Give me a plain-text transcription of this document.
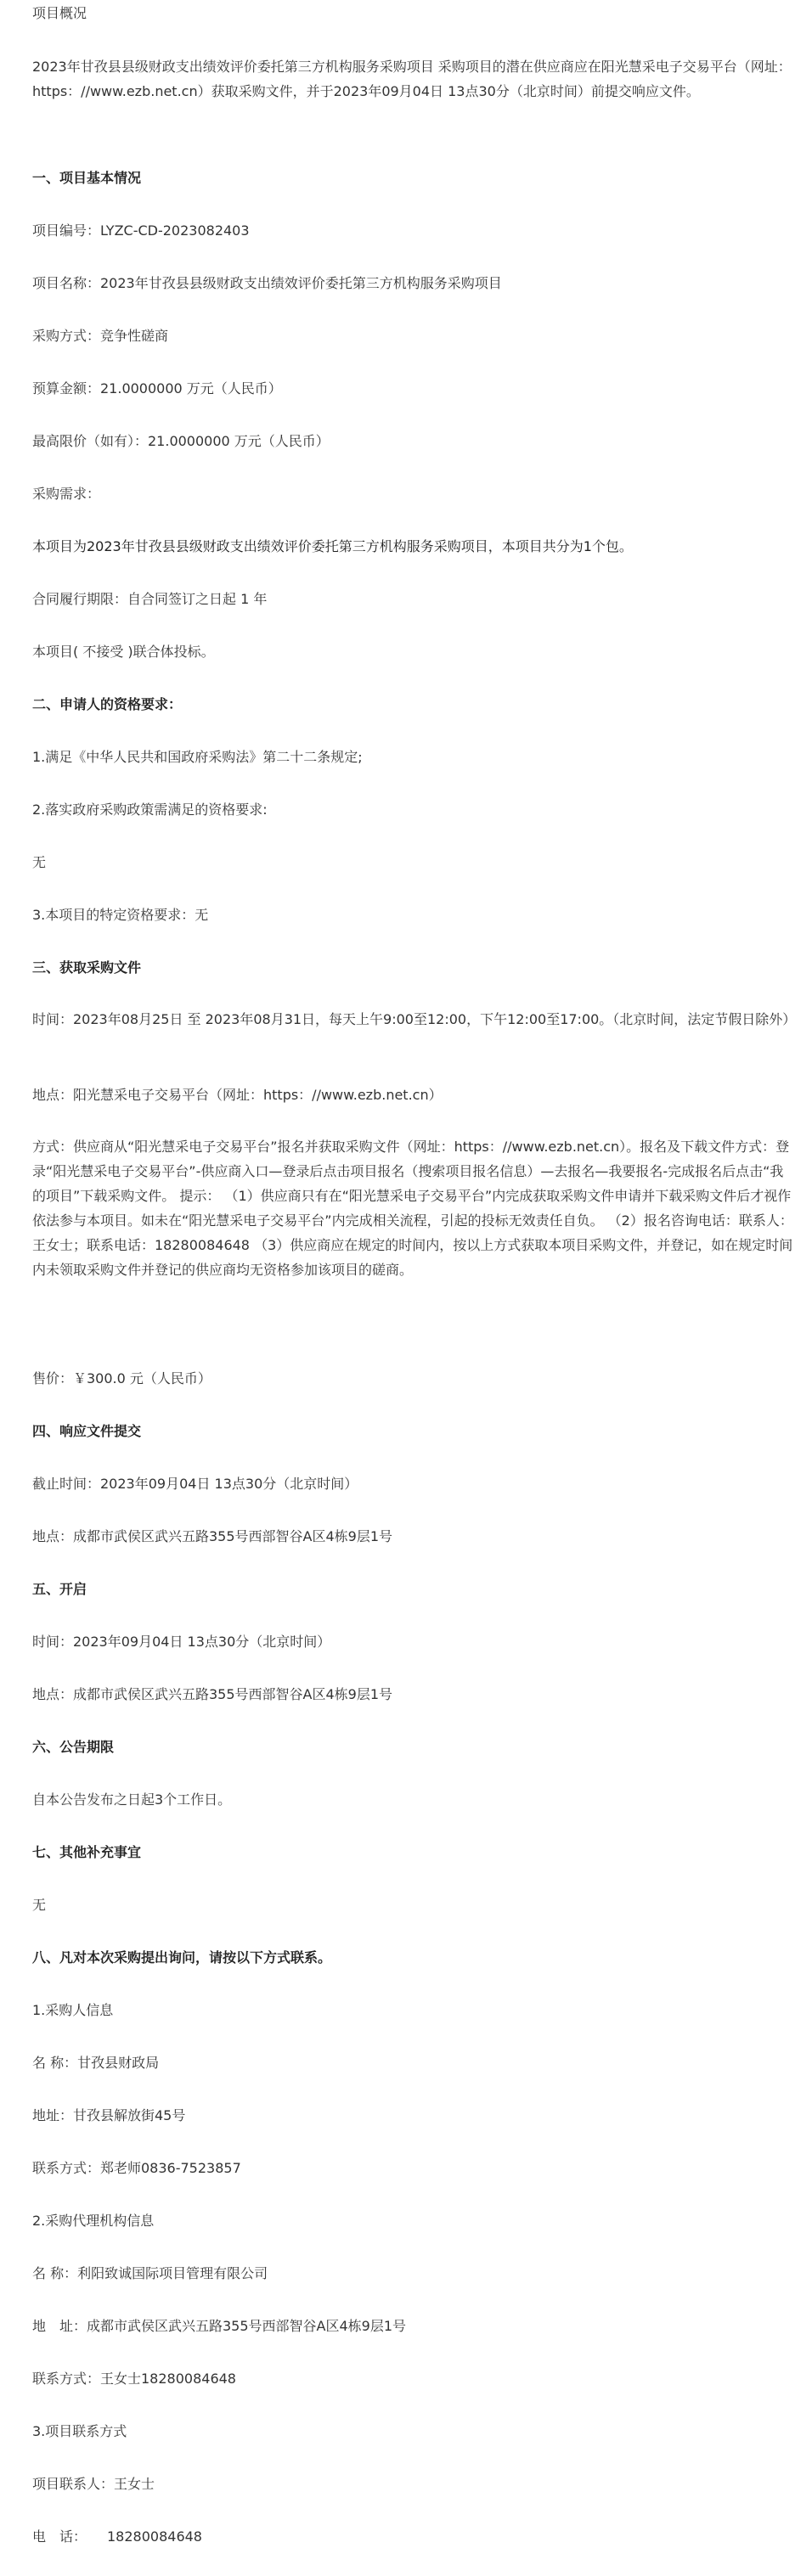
项目概况
2023年甘孜县县级财政支出绩效评价委托第三方机构服务采购项目 采购项目的潜在供应商应在阳光慧采电子交易平台（网址：https：//www.ezb.net.cn）获取采购文件，并于2023年09月04日 13点30分（北京时间）前提交响应文件。
一、项目基本情况
项目编号：LYZC-CD-2023082403
项目名称：2023年甘孜县县级财政支出绩效评价委托第三方机构服务采购项目
采购方式：竞争性磋商
预算金额：21.0000000 万元（人民币）
最高限价（如有）：21.0000000 万元（人民币）
采购需求：
本项目为2023年甘孜县县级财政支出绩效评价委托第三方机构服务采购项目，本项目共分为1个包。
合同履行期限：自合同签订之日起 1 年
本项目( 不接受 )联合体投标。
二、申请人的资格要求：
1.满足《中华人民共和国政府采购法》第二十二条规定;
2.落实政府采购政策需满足的资格要求:
无
3.本项目的特定资格要求：无
三、获取采购文件
时间：2023年08月25日 至 2023年08月31日，每天上午9:00至12:00，下午12:00至17:00。（北京时间，法定节假日除外）
地点：阳光慧采电子交易平台（网址：https：//www.ezb.net.cn）
方式：供应商从“阳光慧采电子交易平台”报名并获取采购文件（网址：https：//www.ezb.net.cn）。报名及下载文件方式：登录“阳光慧采电子交易平台”-供应商入口—登录后点击项目报名（搜索项目报名信息）—去报名—我要报名-完成报名后点击“我的项目”下载采购文件。 提示： （1）供应商只有在“阳光慧采电子交易平台”内完成获取采购文件申请并下载采购文件后才视作依法参与本项目。如未在“阳光慧采电子交易平台”内完成相关流程，引起的投标无效责任自负。 （2）报名咨询电话：联系人：王女士；联系电话：18280084648 （3）供应商应在规定的时间内，按以上方式获取本项目采购文件，并登记，如在规定时间内未领取采购文件并登记的供应商均无资格参加该项目的磋商。
售价：￥300.0 元（人民币）
四、响应文件提交
截止时间：2023年09月04日 13点30分（北京时间）
地点：成都市武侯区武兴五路355号西部智谷A区4栋9层1号
五、开启
时间：2023年09月04日 13点30分（北京时间）
地点：成都市武侯区武兴五路355号西部智谷A区4栋9层1号
六、公告期限
自本公告发布之日起3个工作日。
七、其他补充事宜
无
八、凡对本次采购提出询问，请按以下方式联系。
1.采购人信息
名 称：甘孜县财政局
地址：甘孜县解放街45号
联系方式：郑老师0836-7523857
2.采购代理机构信息
名 称：利阳致诚国际项目管理有限公司
地　址：成都市武侯区武兴五路355号西部智谷A区4栋9层1号
联系方式：王女士18280084648
3.项目联系方式
项目联系人：王女士
电　话：　　18280084648
